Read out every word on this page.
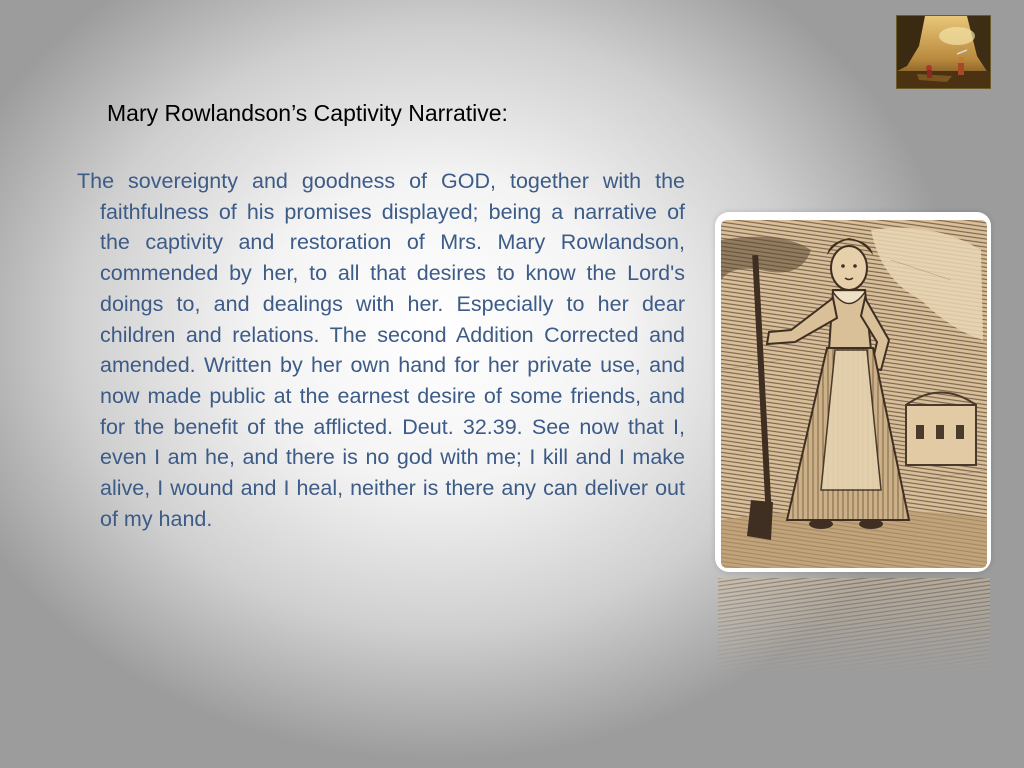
Mary Rowlandson’s Captivity Narrative:

The sovereignty and goodness of GOD, together with the faithfulness of his promises displayed; being a narrative of the captivity and restoration of Mrs. Mary Rowlandson, commended by her, to all that desires to know the Lord's doings to, and dealings with her. Especially to her dear children and relations. The second Addition Corrected and amended. Written by her own hand for her private use, and now made public at the earnest desire of some friends, and for the benefit of the afflicted. Deut. 32.39. See now that I, even I am he, and there is no god with me; I kill and I make alive, I wound and I heal, neither is there any can deliver out of my hand.
